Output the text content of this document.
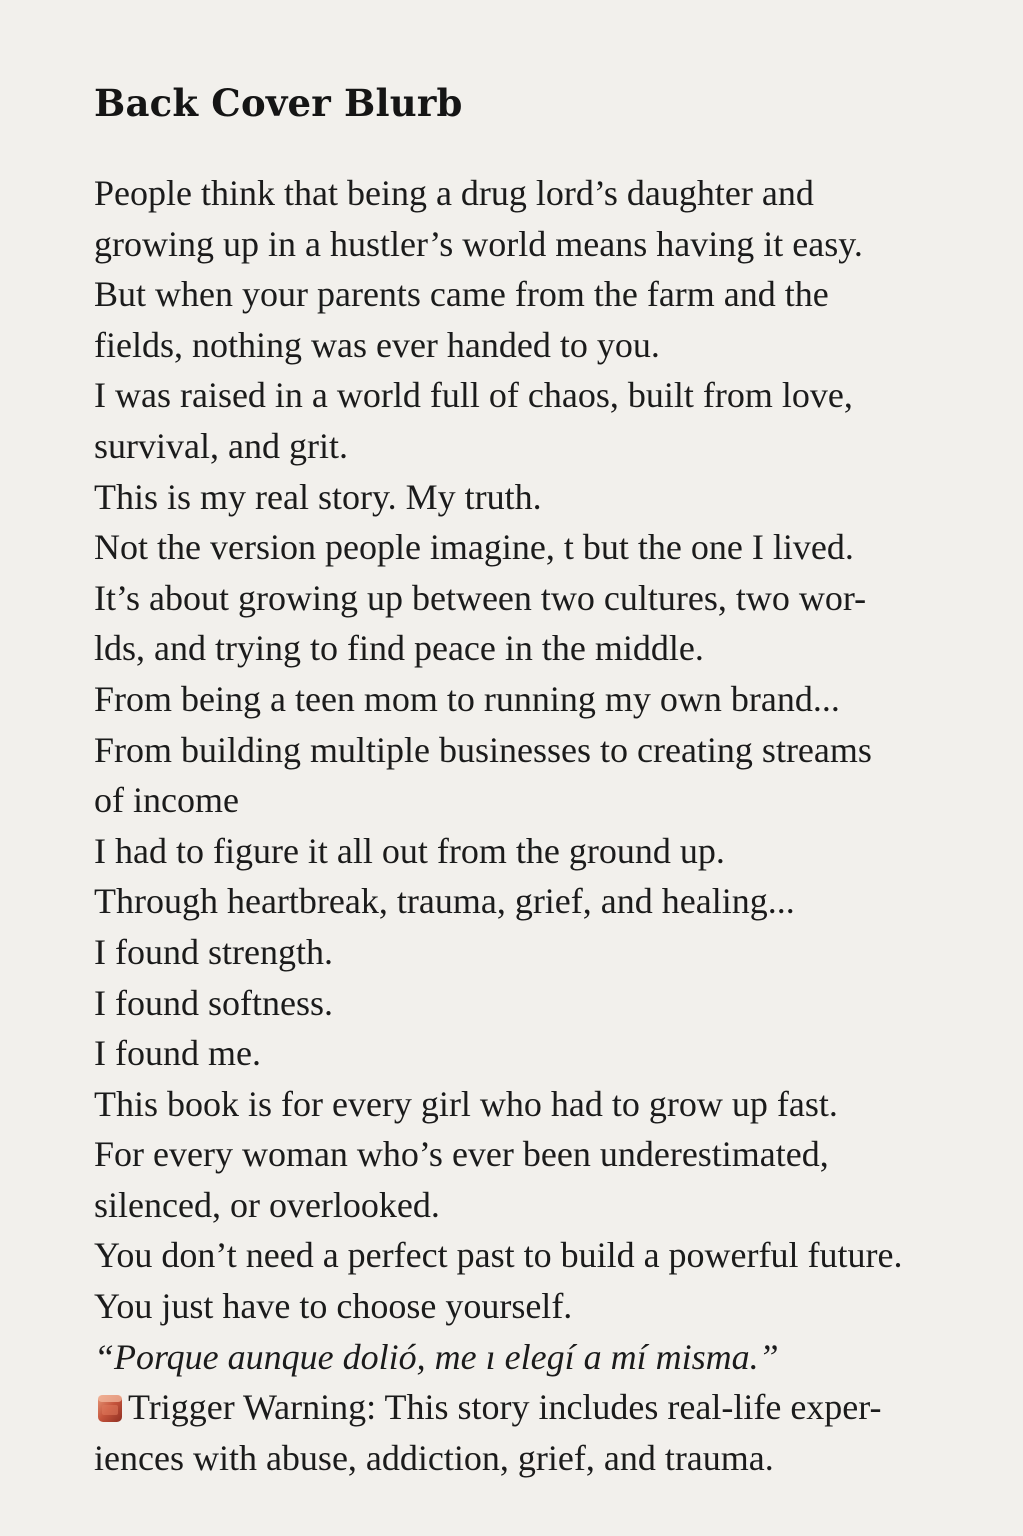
Back Cover Blurb
People think that being a drug lord’s daughter and
growing up in a hustler’s world means having it easy.
But when your parents came from the farm and the
fields, nothing was ever handed to you.
I was raised in a world full of chaos, built from love,
survival, and grit.
This is my real story. My truth.
Not the version people imagine, t but the one I lived.
It’s about growing up between two cultures, two wor-
lds, and trying to find peace in the middle.
From being a teen mom to running my own brand...
From building multiple businesses to creating streams
of income
I had to figure it all out from the ground up.
Through heartbreak, trauma, grief, and healing...
I found strength.
I found softness.
I found me.
This book is for every girl who had to grow up fast.
For every woman who’s ever been underestimated,
silenced, or overlooked.
You don’t need a perfect past to build a powerful future.
You just have to choose yourself.
“Porque aunque dolió, me ı elegí a mí misma.”
Trigger Warning: This story includes real-life exper-
iences with abuse, addiction, grief, and trauma.
